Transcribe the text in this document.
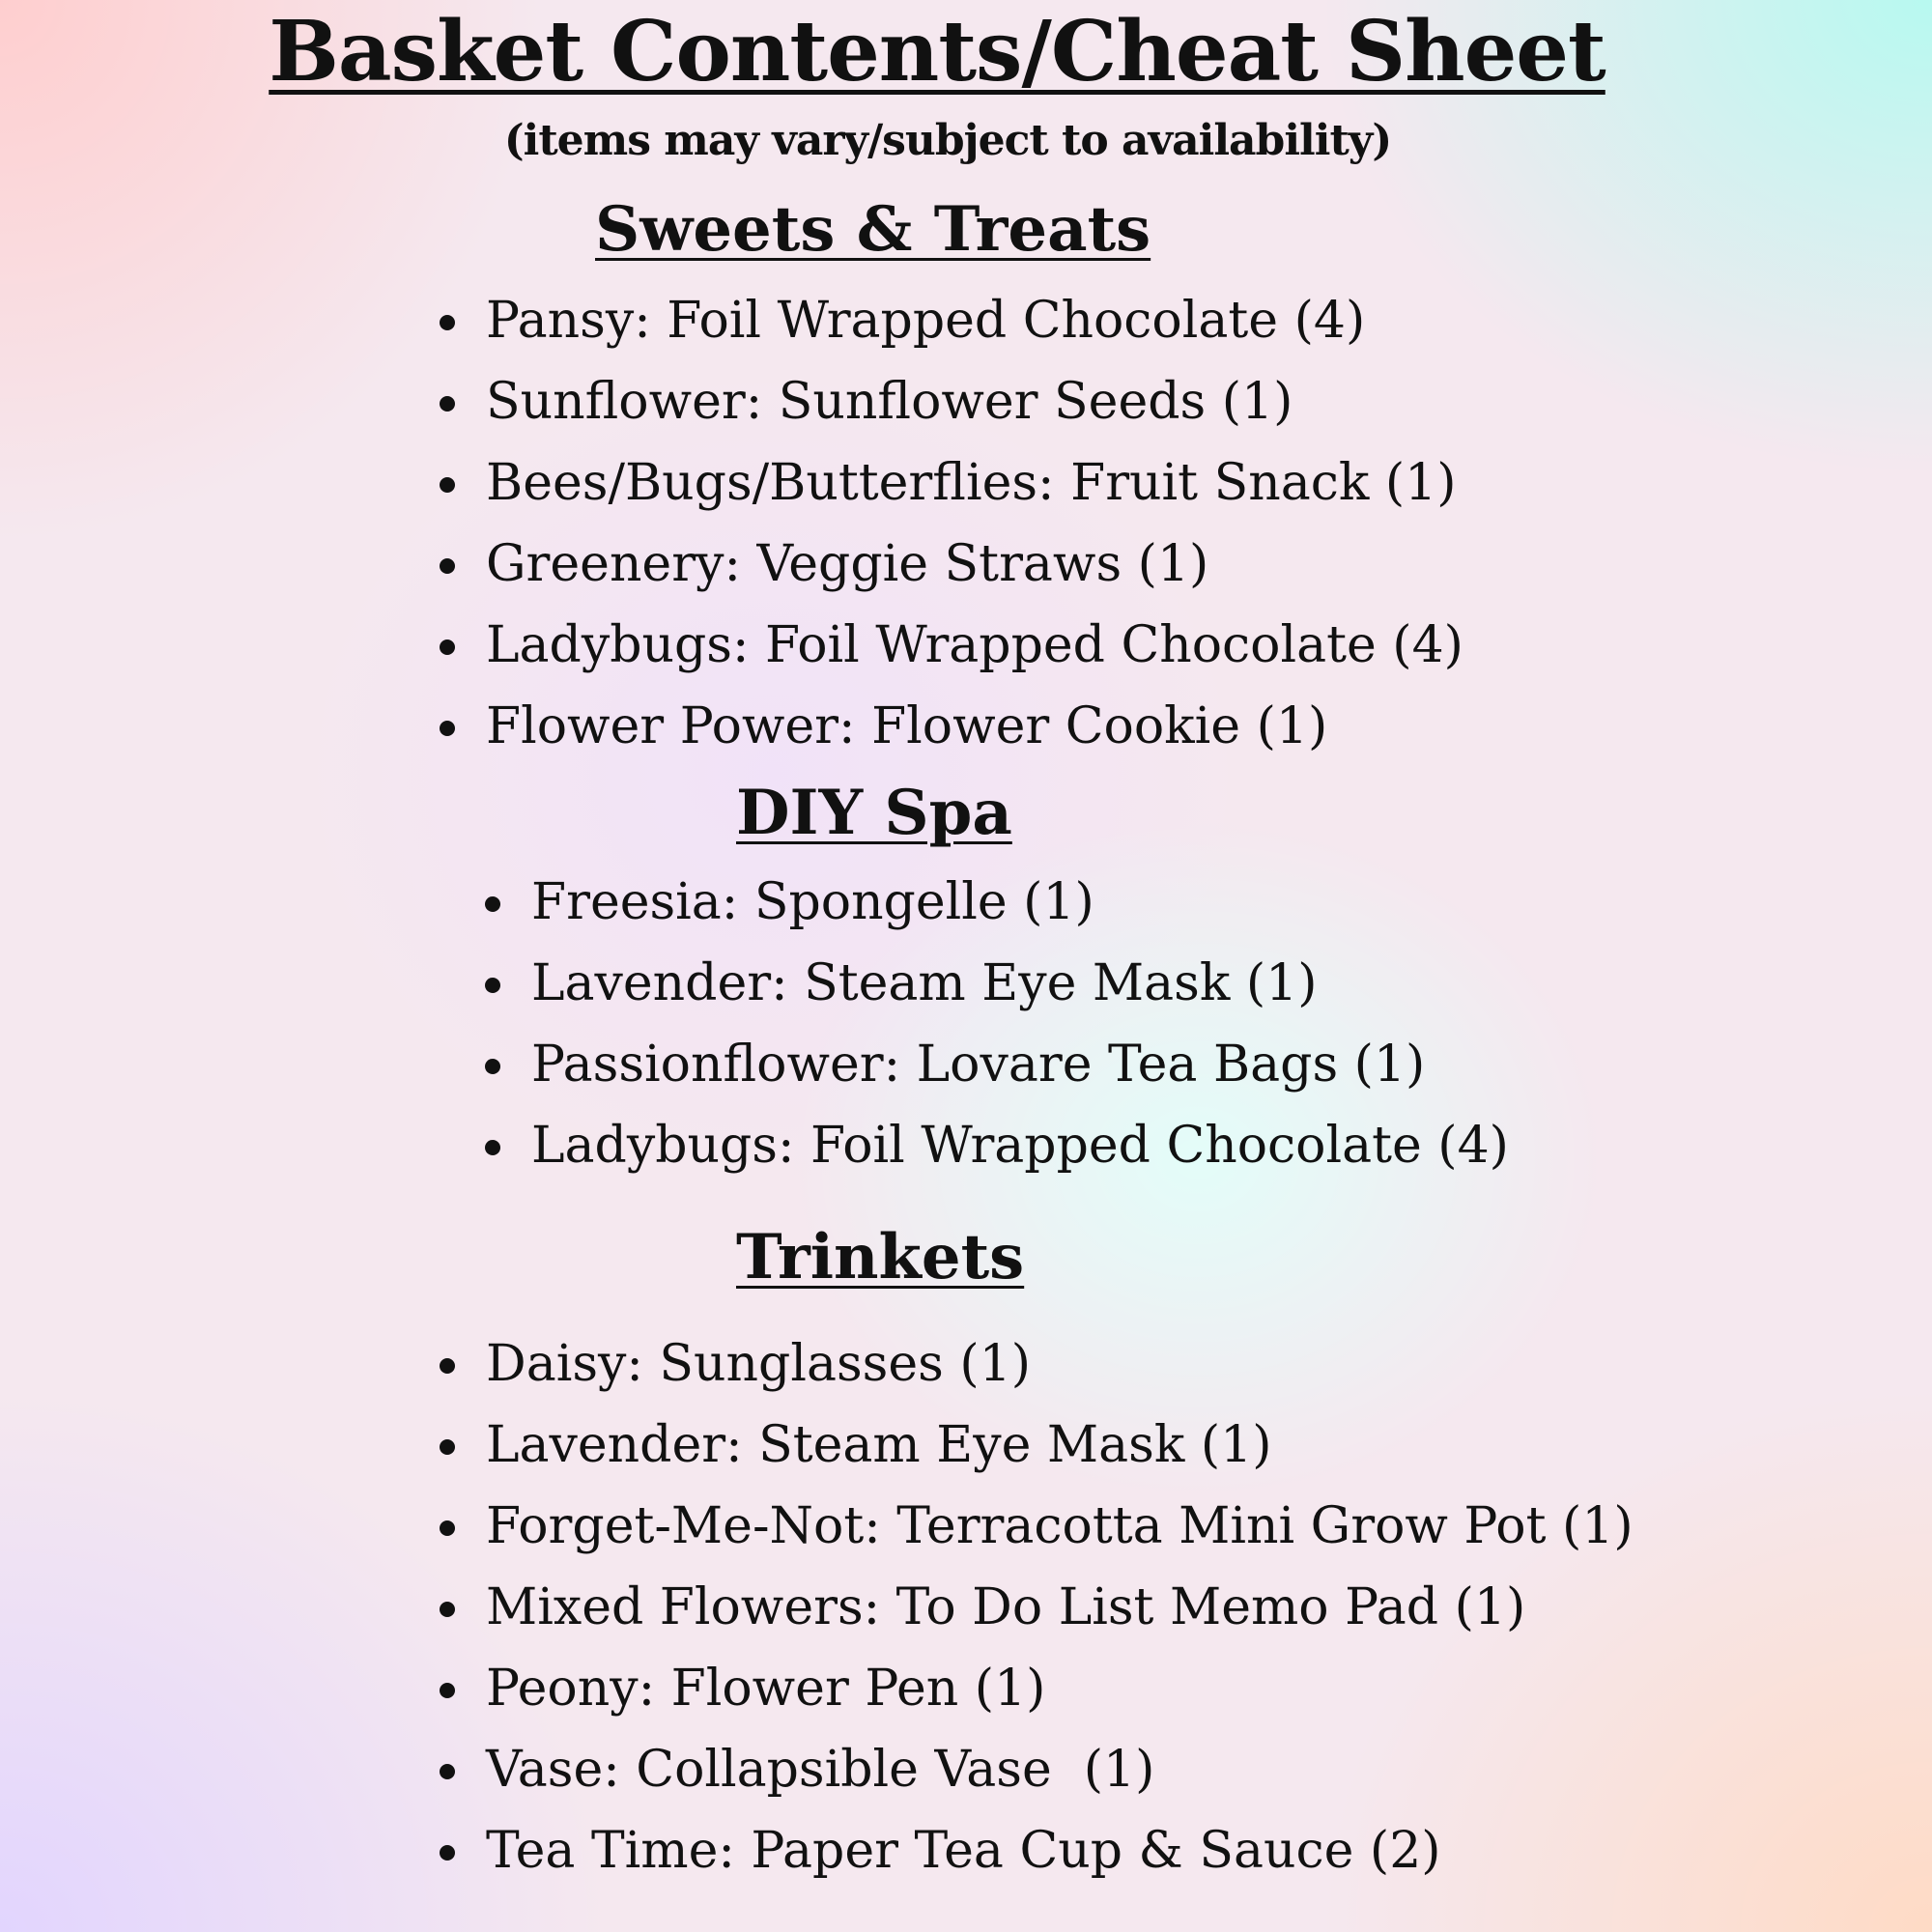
Basket Contents/Cheat Sheet

(items may vary/subject to availability)

Sweets & Treats
Pansy: Foil Wrapped Chocolate (4)
Sunflower: Sunflower Seeds (1)
Bees/Bugs/Butterflies: Fruit Snack (1)
Greenery: Veggie Straws (1)
Ladybugs: Foil Wrapped Chocolate (4)
Flower Power: Flower Cookie (1)
DIY Spa
Freesia: Spongelle (1)
Lavender: Steam Eye Mask (1)
Passionflower: Lovare Tea Bags (1)
Ladybugs: Foil Wrapped Chocolate (4)
Trinkets
Daisy: Sunglasses (1)
Lavender: Steam Eye Mask (1)
Forget-Me-Not: Terracotta Mini Grow Pot (1)
Mixed Flowers: To Do List Memo Pad (1)
Peony: Flower Pen (1)
Vase: Collapsible Vase  (1)
Tea Time: Paper Tea Cup & Sauce (2)
